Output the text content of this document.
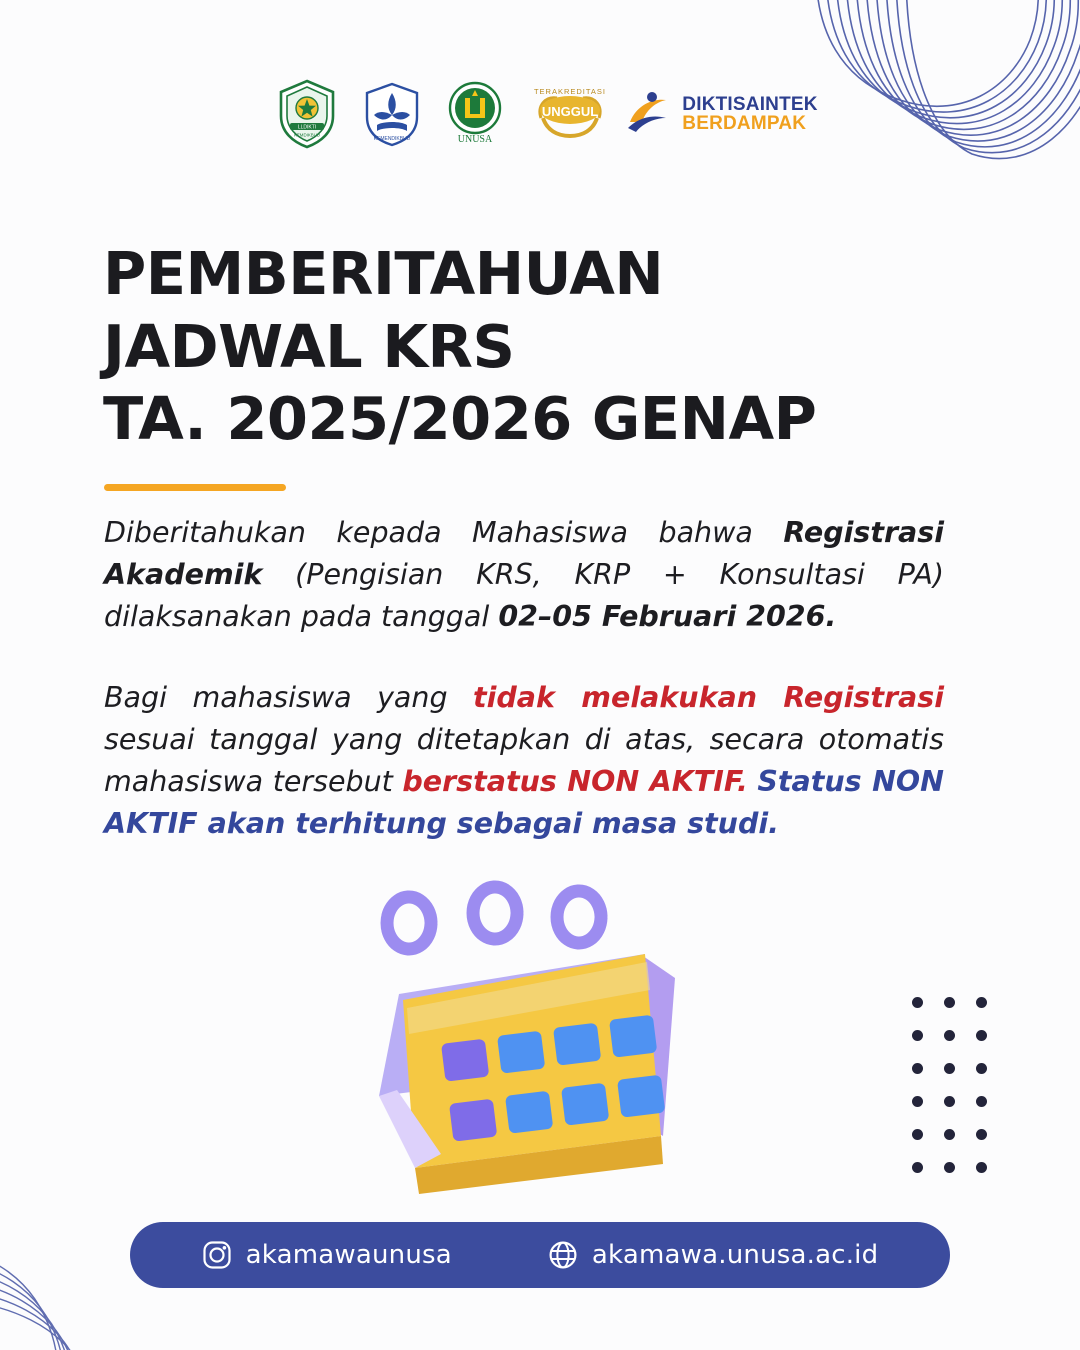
LLDIKTI
KEMDIKBUD
KEMENDIKBUD	UNUSA
TERAKREDITASI
UNGGUL	DIKTISAINTEK
BERDAMPAK
PEMBERITAHUAN
JADWAL KRS
TA. 2025/2026 GENAP

Diberitahukan kepada Mahasiswa bahwa Registrasi Akademik (Pengisian KRS, KRP + Konsultasi PA) dilaksanakan pada tanggal 02–05 Februari 2026.

Bagi mahasiswa yang tidak melakukan Registrasi sesuai tanggal yang ditetapkan di atas, secara otomatis mahasiswa tersebut berstatus NON AKTIF. Status NON AKTIF akan terhitung sebagai masa studi.

akamawaunusa	akamawa.unusa.ac.id
